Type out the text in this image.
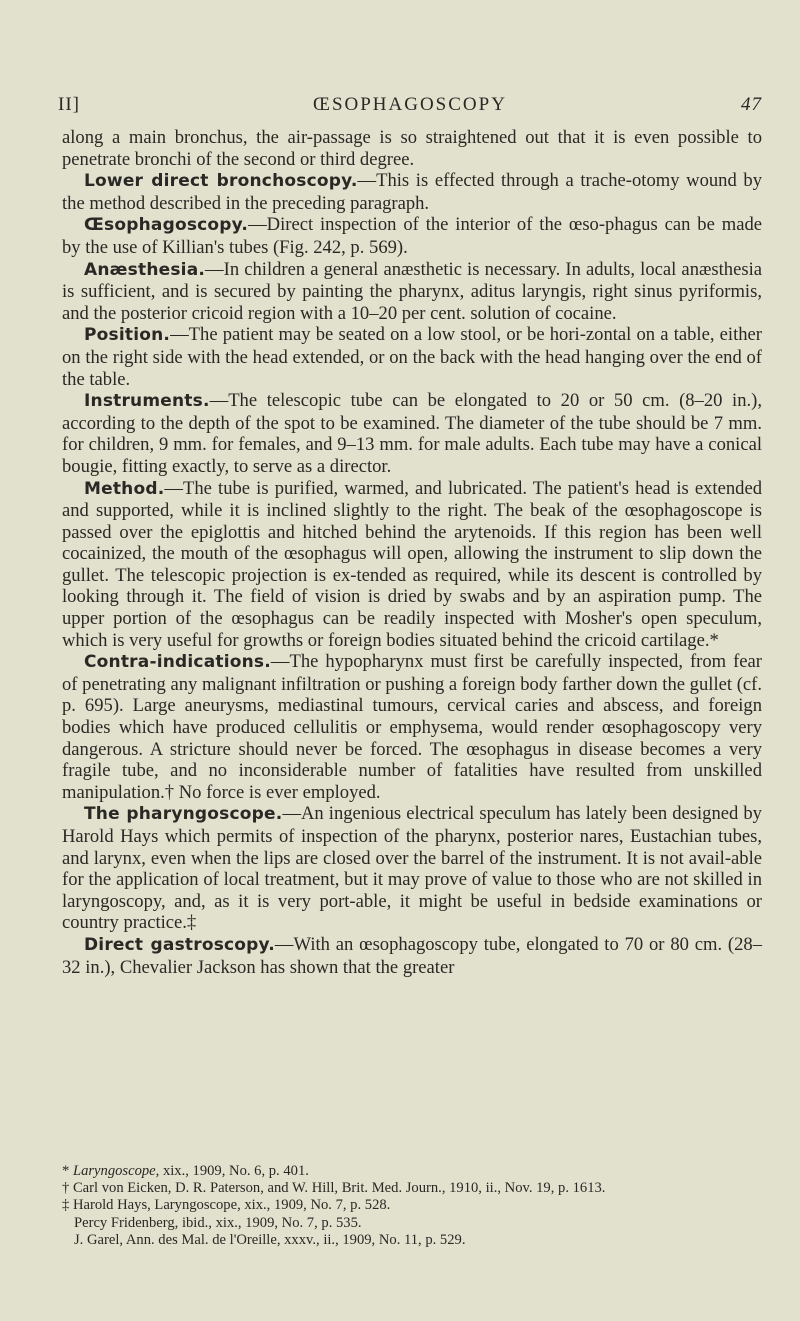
II]	ŒSOPHAGOSCOPY	47

along a main bronchus, the air-passage is so straightened out that it is even possible to penetrate bronchi of the second or third degree.

Lower direct bronchoscopy.—This is effected through a trache-otomy wound by the method described in the preceding paragraph.

Œsophagoscopy.—Direct inspection of the interior of the œso-phagus can be made by the use of Killian's tubes (Fig. 242, p. 569).

Anæsthesia.—In children a general anæsthetic is necessary. In adults, local anæsthesia is sufficient, and is secured by painting the pharynx, aditus laryngis, right sinus pyriformis, and the posterior cricoid region with a 10–20 per cent. solution of cocaine.

Position.—The patient may be seated on a low stool, or be hori-zontal on a table, either on the right side with the head extended, or on the back with the head hanging over the end of the table.

Instruments.—The telescopic tube can be elongated to 20 or 50 cm. (8–20 in.), according to the depth of the spot to be examined. The diameter of the tube should be 7 mm. for children, 9 mm. for females, and 9–13 mm. for male adults. Each tube may have a conical bougie, fitting exactly, to serve as a director.

Method.—The tube is purified, warmed, and lubricated. The patient's head is extended and supported, while it is inclined slightly to the right. The beak of the œsophagoscope is passed over the epiglottis and hitched behind the arytenoids. If this region has been well cocainized, the mouth of the œsophagus will open, allowing the instrument to slip down the gullet. The telescopic projection is ex-tended as required, while its descent is controlled by looking through it. The field of vision is dried by swabs and by an aspiration pump. The upper portion of the œsophagus can be readily inspected with Mosher's open speculum, which is very useful for growths or foreign bodies situated behind the cricoid cartilage.*

Contra-indications.—The hypopharynx must first be carefully inspected, from fear of penetrating any malignant infiltration or pushing a foreign body farther down the gullet (cf. p. 695). Large aneurysms, mediastinal tumours, cervical caries and abscess, and foreign bodies which have produced cellulitis or emphysema, would render œsophagoscopy very dangerous. A stricture should never be forced. The œsophagus in disease becomes a very fragile tube, and no inconsiderable number of fatalities have resulted from unskilled manipulation.† No force is ever employed.

The pharyngoscope.—An ingenious electrical speculum has lately been designed by Harold Hays which permits of inspection of the pharynx, posterior nares, Eustachian tubes, and larynx, even when the lips are closed over the barrel of the instrument. It is not avail-able for the application of local treatment, but it may prove of value to those who are not skilled in laryngoscopy, and, as it is very port-able, it might be useful in bedside examinations or country practice.‡

Direct gastroscopy.—With an œsophagoscopy tube, elongated to 70 or 80 cm. (28–32 in.), Chevalier Jackson has shown that the greater

* Laryngoscope, xix., 1909, No. 6, p. 401.

† Carl von Eicken, D. R. Paterson, and W. Hill, Brit. Med. Journ., 1910, ii., Nov. 19, p. 1613.

‡ Harold Hays, Laryngoscope, xix., 1909, No. 7, p. 528.

Percy Fridenberg, ibid., xix., 1909, No. 7, p. 535.

J. Garel, Ann. des Mal. de l'Oreille, xxxv., ii., 1909, No. 11, p. 529.
